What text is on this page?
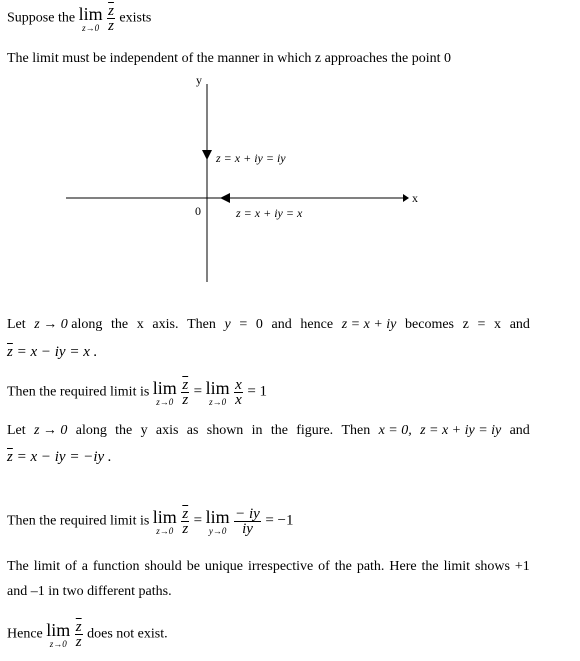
Suppose the lim
z→0
$\frac{\overline{z}}{z}$ exists
The limit must be independent of the manner in which z approaches the point 0
y
x
0
z = x + iy = iy
z = x + iy = x
Let z → 0 along the x axis. Then y = 0 and hence z = x + iy becomes z = x and
$\overline{z} = x$ − iy = x .
Then the required limit is lim
z→0
$\frac{\overline{z}}{z} = \lim$
z→0
$\frac{x}{x} = 1$
Let z → 0 along the y axis as shown in the figure. Then x = 0, z = x + iy = iy and
$\overline{z} = x$ − iy = −iy .
Then the required limit is lim
z→0
$\frac{\overline{z}}{z} = \lim$
y→0
$\frac{- iy}{iy} = -1$
The limit of a function should be unique irrespective of the path. Here the limit shows +1
and –1 in two different paths.
Hence lim
z→0
$\frac{\overline{z}}{z}$ does not exist.
